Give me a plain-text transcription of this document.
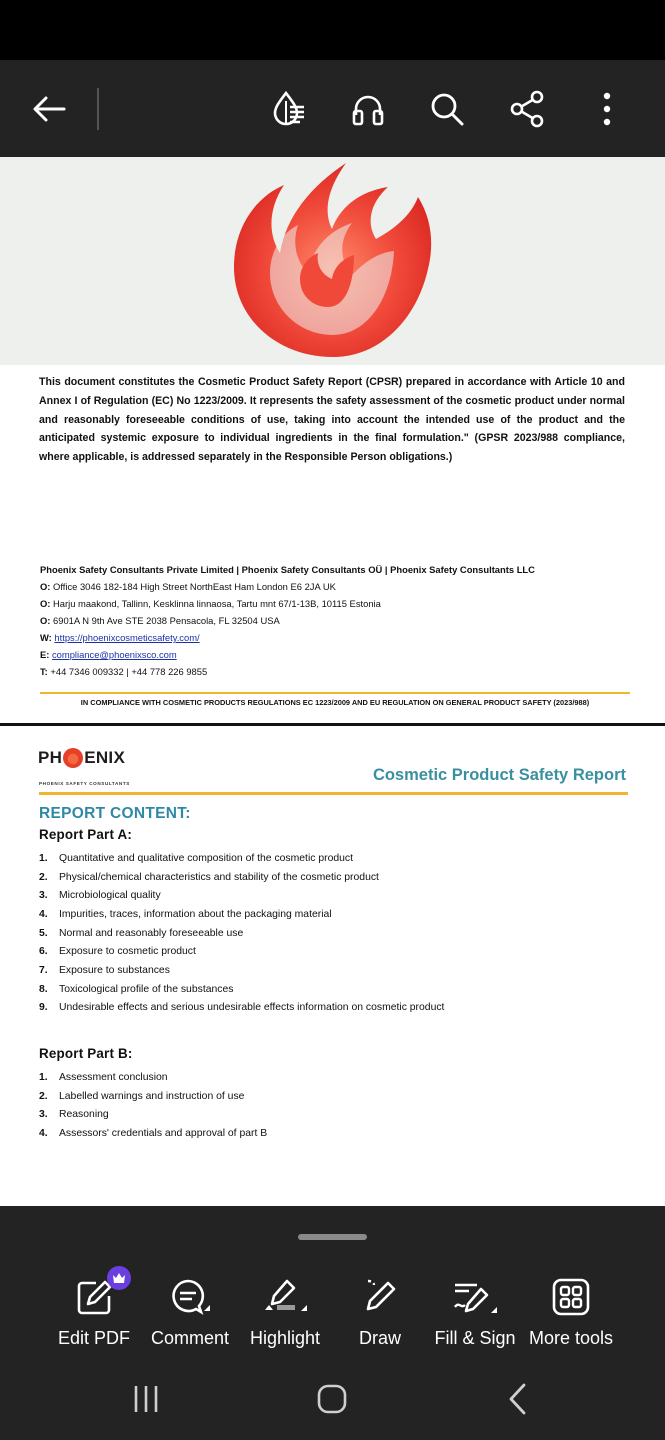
This document constitutes the Cosmetic Product Safety Report (CPSR) prepared in accordance with Article 10 and Annex I of Regulation (EC) No 1223/2009. It represents the safety assessment of the cosmetic product under normal and reasonably foreseeable conditions of use, taking into account the intended use of the product and the anticipated systemic exposure to individual ingredients in the final formulation." (GPSR 2023/988 compliance, where applicable, is addressed separately in the Responsible Person obligations.)

Phoenix Safety Consultants Private Limited | Phoenix Safety Consultants OÜ | Phoenix Safety Consultants LLC
O: Office 3046 182-184 High Street NorthEast Ham London E6 2JA UK
O: Harju maakond, Tallinn, Kesklinna linnaosa, Tartu mnt 67/1-13B, 10115 Estonia
O: 6901A N 9th Ave STE 2038 Pensacola, FL 32504 USA
W: https://phoenixcosmeticsafety.com/
E: compliance@phoenixsco.com
T: +44 7346 009332 | +44 778 226 9855
IN COMPLIANCE WITH COSMETIC PRODUCTS REGULATIONS EC 1223/2009 AND EU REGULATION ON GENERAL PRODUCT SAFETY (2023/988)
PH ENIX
PHOENIX SAFETY CONSULTANTS	Cosmetic Product Safety Report
REPORT CONTENT:
Report Part A:
1.	Quantitative and qualitative composition of the cosmetic product
2.	Physical/chemical characteristics and stability of the cosmetic product
3.	Microbiological quality
4.	Impurities, traces, information about the packaging material
5.	Normal and reasonably foreseeable use
6.	Exposure to cosmetic product
7.	Exposure to substances
8.	Toxicological profile of the substances
9.	Undesirable effects and serious undesirable effects information on cosmetic product
Report Part B:
1.	Assessment conclusion
2.	Labelled warnings and instruction of use
3.	Reasoning
4.	Assessors' credentials and approval of part B
Edit PDF	Comment	Highlight	Draw	Fill & Sign More tools
